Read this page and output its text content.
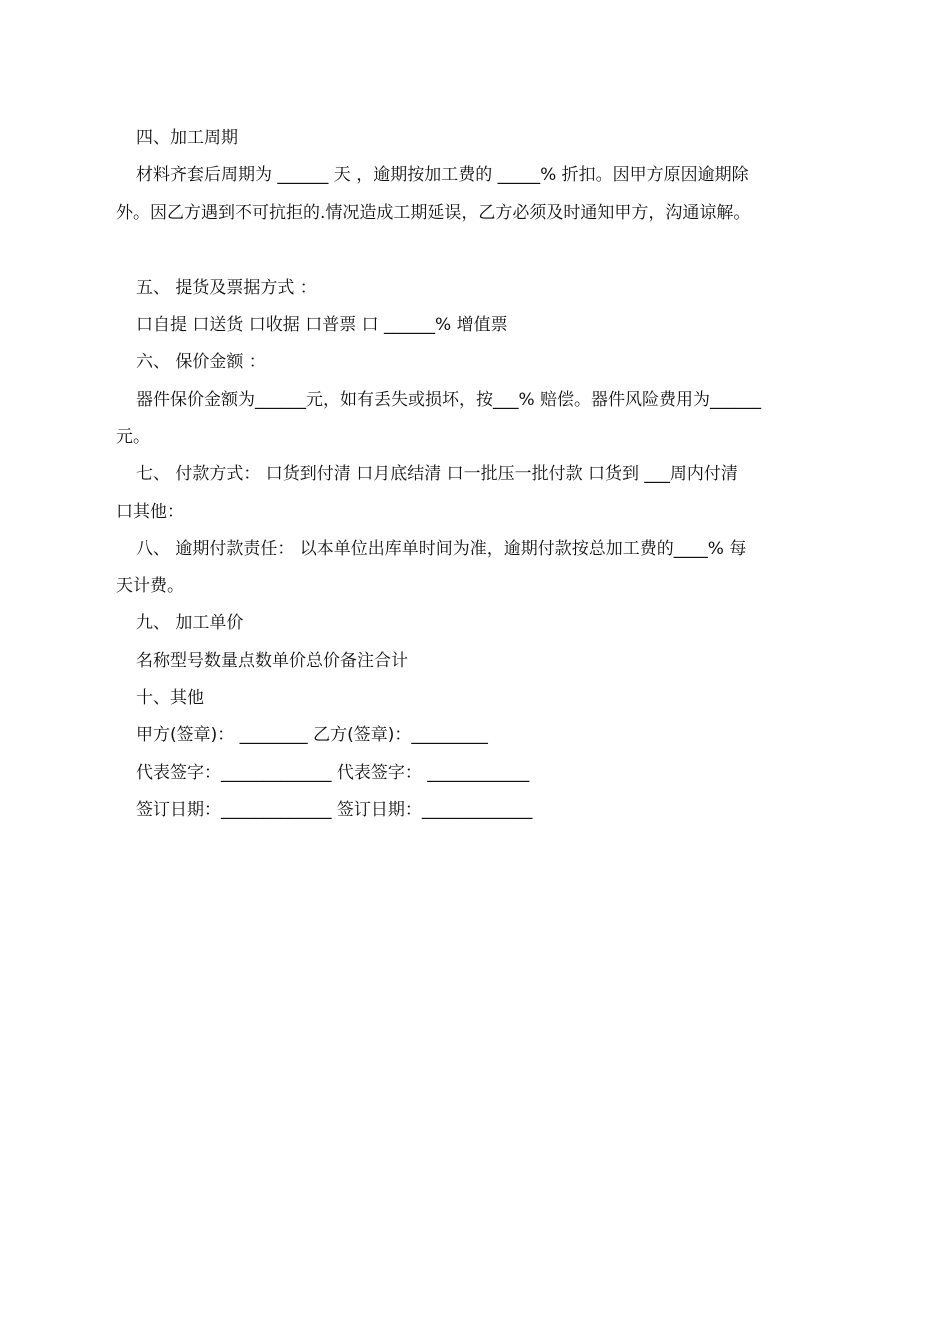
四、加工周期

材料齐套后周期为 ______ 天 ，逾期按加工费的 _____% 折扣。因甲方原因逾期除

外。因乙方遇到不可抗拒的.情况造成工期延误，乙方必须及时通知甲方，沟通谅解。

五、 提货及票据方式 ：

口自提 口送货 口收据 口普票 口 ______% 增值票

六、 保价金额 ：

器件保价金额为______元，如有丢失或损坏，按___% 赔偿。器件风险费用为______

元。

七、 付款方式： 口货到付清 口月底结清 口一批压一批付款 口货到 ___周内付清

口其他：

八、 逾期付款责任： 以本单位出库单时间为准，逾期付款按总加工费的____% 每

天计费。

九、 加工单价

名称型号数量点数单价总价备注合计

十、其他

甲方(签章)： ________ 乙方(签章)：_________

代表签字：_____________ 代表签字： ____________

签订日期：_____________ 签订日期：_____________
